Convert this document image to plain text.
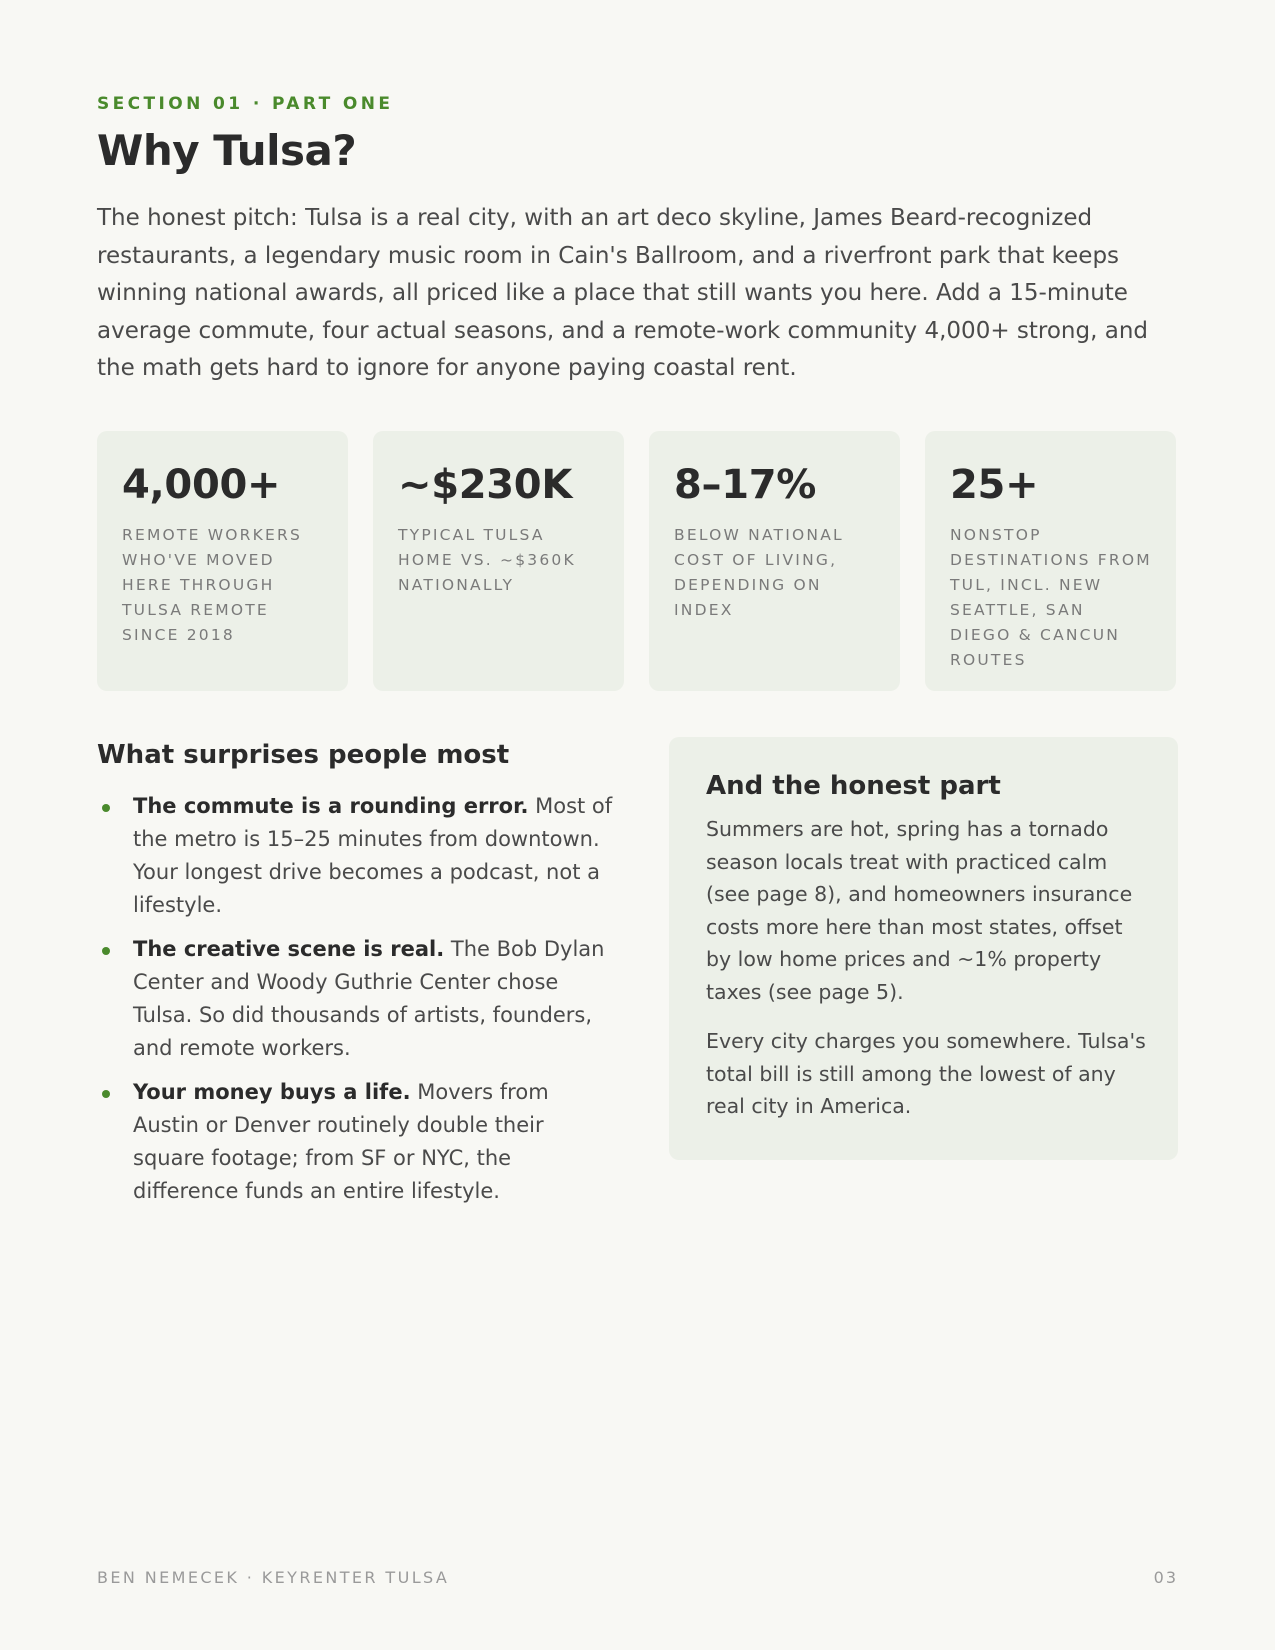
SECTION 01 · PART ONE
Why Tulsa?

The honest pitch: Tulsa is a real city, with an art deco skyline, James Beard-recognized restaurants, a legendary music room in Cain's Ballroom, and a riverfront park that keeps winning national awards, all priced like a place that still wants you here. Add a 15-minute average commute, four actual seasons, and a remote-work community 4,000+ strong, and the math gets hard to ignore for anyone paying coastal rent.

4,000+
REMOTE WORKERS WHO'VE MOVED HERE THROUGH TULSA REMOTE SINCE 2018
~$230K
TYPICAL TULSA HOME VS. ~$360K NATIONALLY
8–17%
BELOW NATIONAL COST OF LIVING, DEPENDING ON INDEX
25+
NONSTOP DESTINATIONS FROM TUL, INCL. NEW SEATTLE, SAN DIEGO & CANCUN ROUTES
What surprises people most
The commute is a rounding error. Most of the metro is 15–25 minutes from downtown. Your longest drive becomes a podcast, not a lifestyle.
The creative scene is real. The Bob Dylan Center and Woody Guthrie Center chose Tulsa. So did thousands of artists, founders, and remote workers.
Your money buys a life. Movers from Austin or Denver routinely double their square footage; from SF or NYC, the difference funds an entire lifestyle.
And the honest part

Summers are hot, spring has a tornado season locals treat with practiced calm (see page 8), and homeowners insurance costs more here than most states, offset by low home prices and ~1% property taxes (see page 5).

Every city charges you somewhere. Tulsa's total bill is still among the lowest of any real city in America.

BEN NEMECEK · KEYRENTER TULSA	03
